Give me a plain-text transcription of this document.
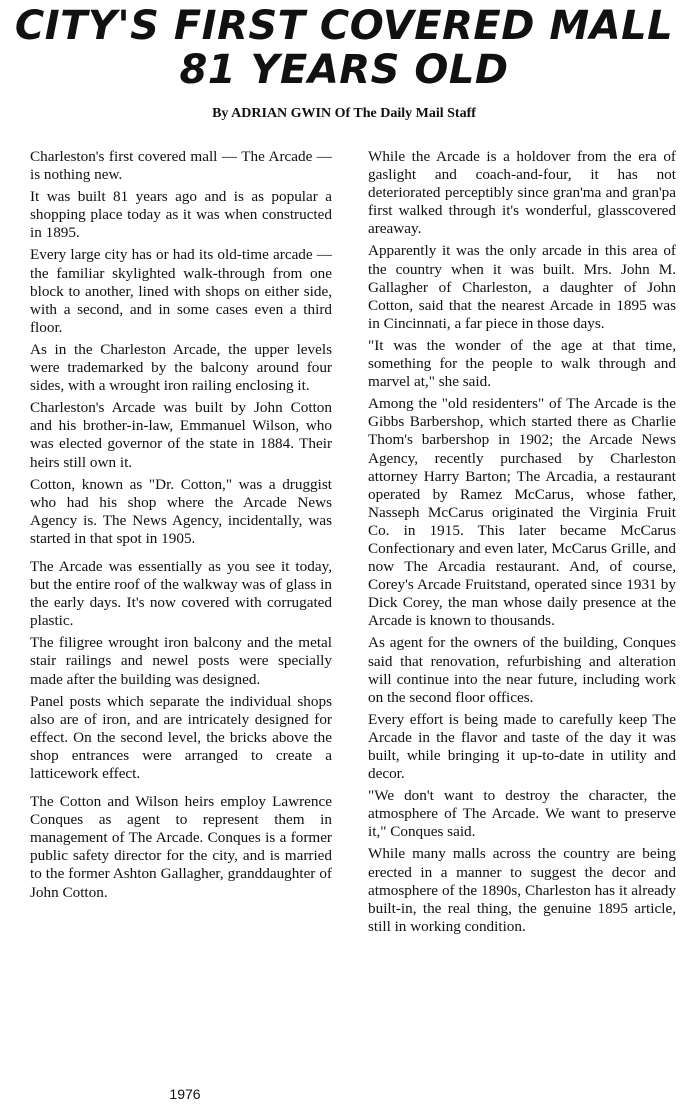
CITY'S FIRST COVERED MALL
81 YEARS OLD

By ADRIAN GWIN Of The Daily Mail Staff

Charleston's first covered mall — The Arcade — is nothing new.

It was built 81 years ago and is as popular a shopping place today as it was when constructed in 1895.

Every large city has or had its old-time arcade — the familiar skylighted walk-through from one block to another, lined with shops on either side, with a second, and in some cases even a third floor.

As in the Charleston Arcade, the upper levels were trademarked by the balcony around four sides, with a wrought iron railing enclosing it.

Charleston's Arcade was built by John Cotton and his brother-in-law, Emmanuel Wilson, who was elected governor of the state in 1884. Their heirs still own it.

Cotton, known as "Dr. Cotton," was a druggist who had his shop where the Arcade News Agency is. The News Agency, incidentally, was started in that spot in 1905.

The Arcade was essentially as you see it today, but the entire roof of the walkway was of glass in the early days. It's now covered with corrugated plastic.

The filigree wrought iron balcony and the metal stair railings and newel posts were specially made after the building was designed.

Panel posts which separate the individual shops also are of iron, and are intricately designed for effect. On the second level, the bricks above the shop entrances were arranged to create a latticework effect.

The Cotton and Wilson heirs employ Lawrence Conques as agent to represent them in management of The Arcade. Conques is a former public safety director for the city, and is married to the former Ashton Gallagher, granddaughter of John Cotton.

While the Arcade is a holdover from the era of gaslight and coach-and-four, it has not deteriorated perceptibly since gran'ma and gran'pa first walked through it's wonderful, glasscovered areaway.

Apparently it was the only arcade in this area of the country when it was built. Mrs. John M. Gallagher of Charleston, a daughter of John Cotton, said that the nearest Arcade in 1895 was in Cincinnati, a far piece in those days.

"It was the wonder of the age at that time, something for the people to walk through and marvel at," she said.

Among the "old residenters" of The Arcade is the Gibbs Barbershop, which started there as Charlie Thom's barbershop in 1902; the Arcade News Agency, recently purchased by Charleston attorney Harry Barton; The Arcadia, a restaurant operated by Ramez McCarus, whose father, Nasseph McCarus originated the Virginia Fruit Co. in 1915. This later became McCarus Confectionary and even later, McCarus Grille, and now The Arcadia restaurant. And, of course, Corey's Arcade Fruitstand, operated since 1931 by Dick Corey, the man whose daily presence at the Arcade is known to thousands.

As agent for the owners of the building, Conques said that renovation, refurbishing and alteration will continue into the near future, including work on the second floor offices.

Every effort is being made to carefully keep The Arcade in the flavor and taste of the day it was built, while bringing it up-to-date in utility and decor.

"We don't want to destroy the character, the atmosphere of The Arcade. We want to preserve it," Conques said.

While many malls across the country are being erected in a manner to suggest the decor and atmosphere of the 1890s, Charleston has it already built-in, the real thing, the genuine 1895 article, still in working condition.

1976
